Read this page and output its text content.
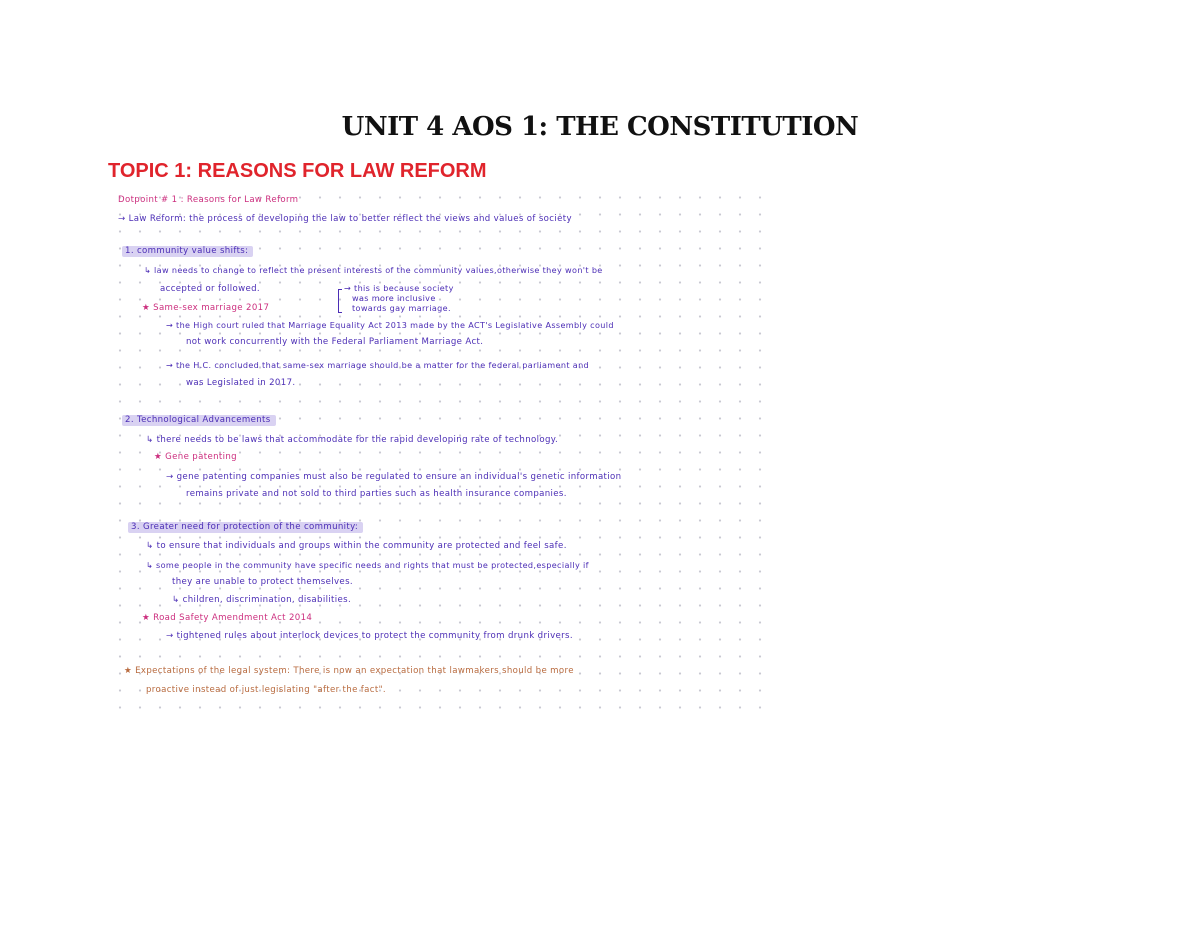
UNIT 4 AOS 1: THE CONSTITUTION
TOPIC 1: REASONS FOR LAW REFORM
Dotpoint # 1 : Reasons for Law Reform
→ Law Reform: the process of developing the law to better reflect the views and values of society
1. community value shifts:
↳ law needs to change to reflect the present interests of the community values,otherwise they won't be
accepted or followed.
★ Same-sex marriage 2017
→ this is because society
was more inclusive
towards gay marriage.
→ the High court ruled that Marriage Equality Act 2013 made by the ACT's Legislative Assembly could
not work concurrently with the Federal Parliament Marriage Act.
→ the H.C. concluded that same-sex marriage should be a matter for the federal parliament and
was Legislated in 2017.
2. Technological Advancements
↳ there needs to be laws that accommodate for the rapid developing rate of technology.
★ Gene patenting
→ gene patenting companies must also be regulated to ensure an individual's genetic information
remains private and not sold to third parties such as health insurance companies.
3. Greater need for protection of the community:
↳ to ensure that individuals and groups within the community are protected and feel safe.
↳ some people in the community have specific needs and rights that must be protected,especially if
they are unable to protect themselves.
↳ children, discrimination, disabilities.
★ Road Safety Amendment Act 2014
→ tightened rules about interlock devices to protect the community from drunk drivers.
★ Expectations of the legal system: There is now an expectation that lawmakers should be more
proactive instead of just legislating "after the fact".
